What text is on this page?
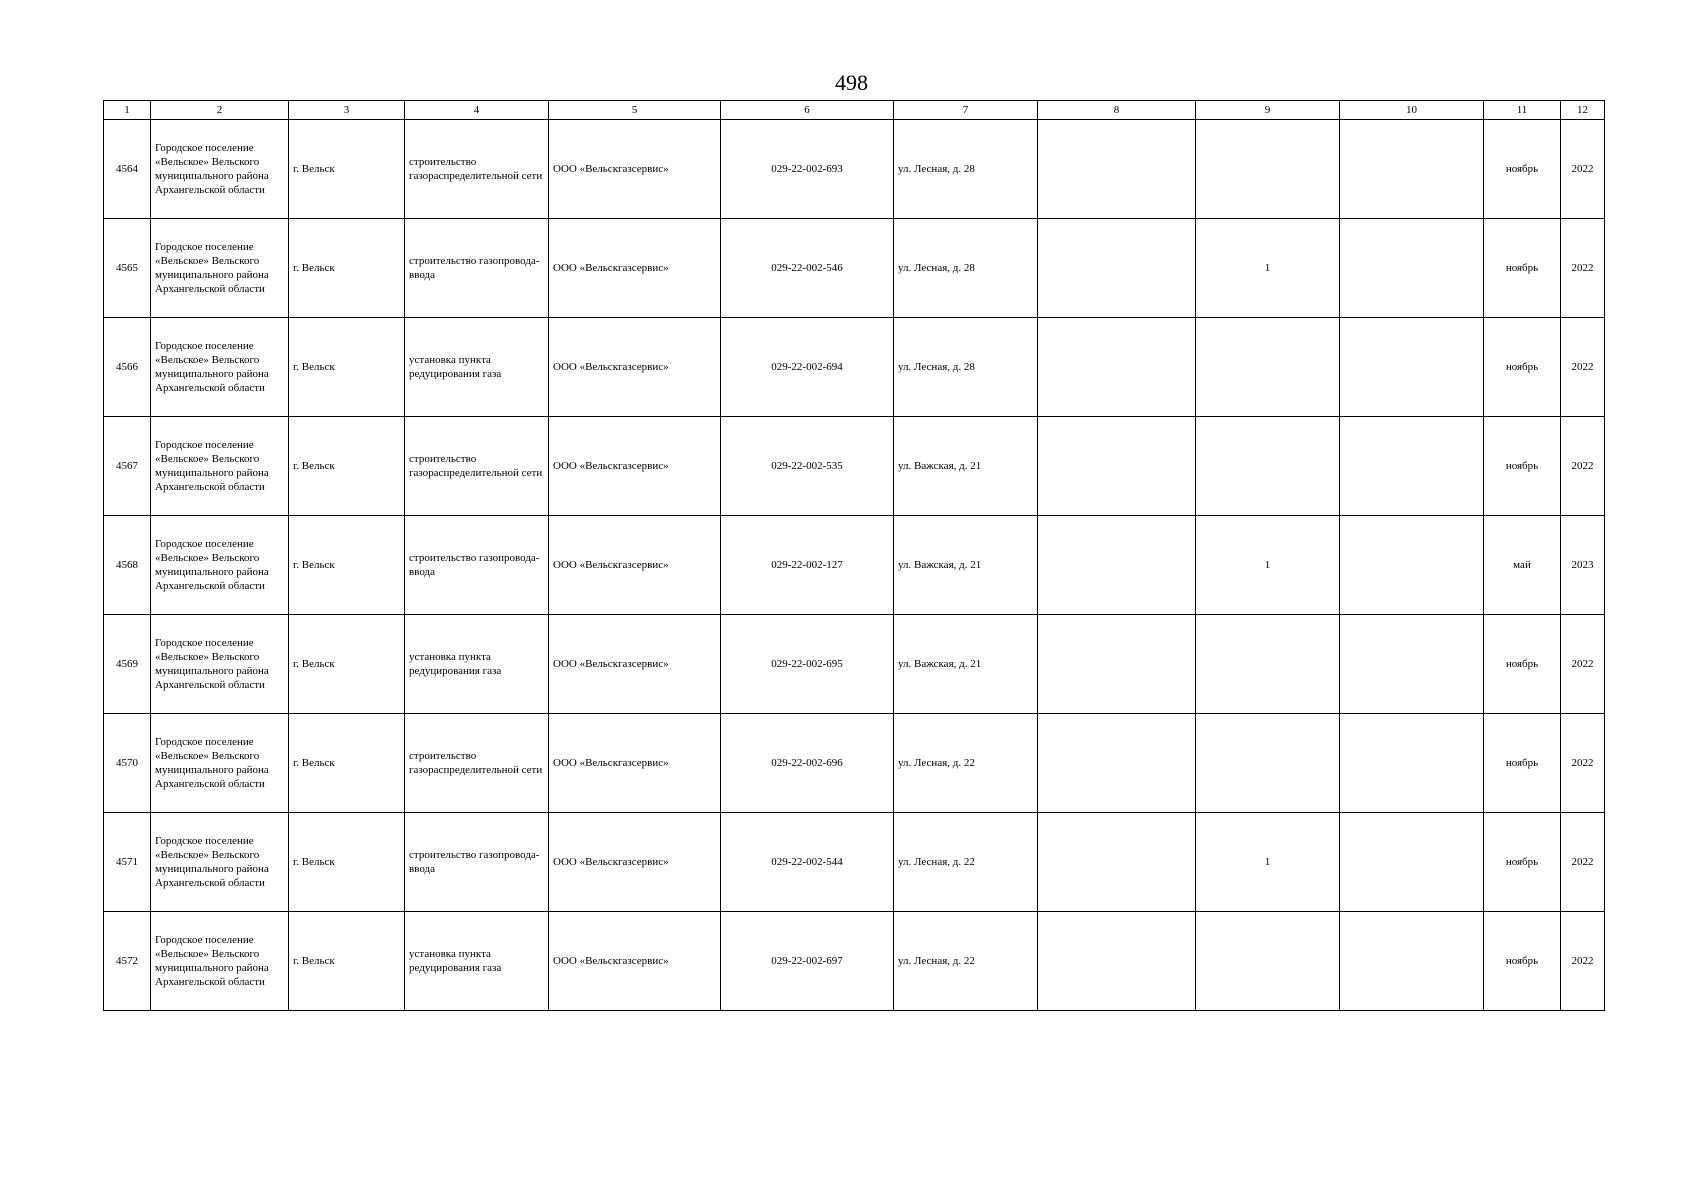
498
1	2	3	4	5	6	7	8	9	10	11	12
4564	Городское поселение «Вельское» Вельского муниципального района Архангельской области	г. Вельск	строительство газораспределительной сети	ООО «Вельскгазсервис»	029-22-002-693	ул. Лесная, д. 28				ноябрь	2022
4565	Городское поселение «Вельское» Вельского муниципального района Архангельской области	г. Вельск	строительство газопровода-ввода	ООО «Вельскгазсервис»	029-22-002-546	ул. Лесная, д. 28		1		ноябрь	2022
4566	Городское поселение «Вельское» Вельского муниципального района Архангельской области	г. Вельск	установка пункта редуцирования газа	ООО «Вельскгазсервис»	029-22-002-694	ул. Лесная, д. 28				ноябрь	2022
4567	Городское поселение «Вельское» Вельского муниципального района Архангельской области	г. Вельск	строительство газораспределительной сети	ООО «Вельскгазсервис»	029-22-002-535	ул. Важская, д. 21				ноябрь	2022
4568	Городское поселение «Вельское» Вельского муниципального района Архангельской области	г. Вельск	строительство газопровода-ввода	ООО «Вельскгазсервис»	029-22-002-127	ул. Важская, д. 21		1		май	2023
4569	Городское поселение «Вельское» Вельского муниципального района Архангельской области	г. Вельск	установка пункта редуцирования газа	ООО «Вельскгазсервис»	029-22-002-695	ул. Важская, д. 21				ноябрь	2022
4570	Городское поселение «Вельское» Вельского муниципального района Архангельской области	г. Вельск	строительство газораспределительной сети	ООО «Вельскгазсервис»	029-22-002-696	ул. Лесная, д. 22				ноябрь	2022
4571	Городское поселение «Вельское» Вельского муниципального района Архангельской области	г. Вельск	строительство газопровода-ввода	ООО «Вельскгазсервис»	029-22-002-544	ул. Лесная, д. 22		1		ноябрь	2022
4572	Городское поселение «Вельское» Вельского муниципального района Архангельской области	г. Вельск	установка пункта редуцирования газа	ООО «Вельскгазсервис»	029-22-002-697	ул. Лесная, д. 22				ноябрь	2022
